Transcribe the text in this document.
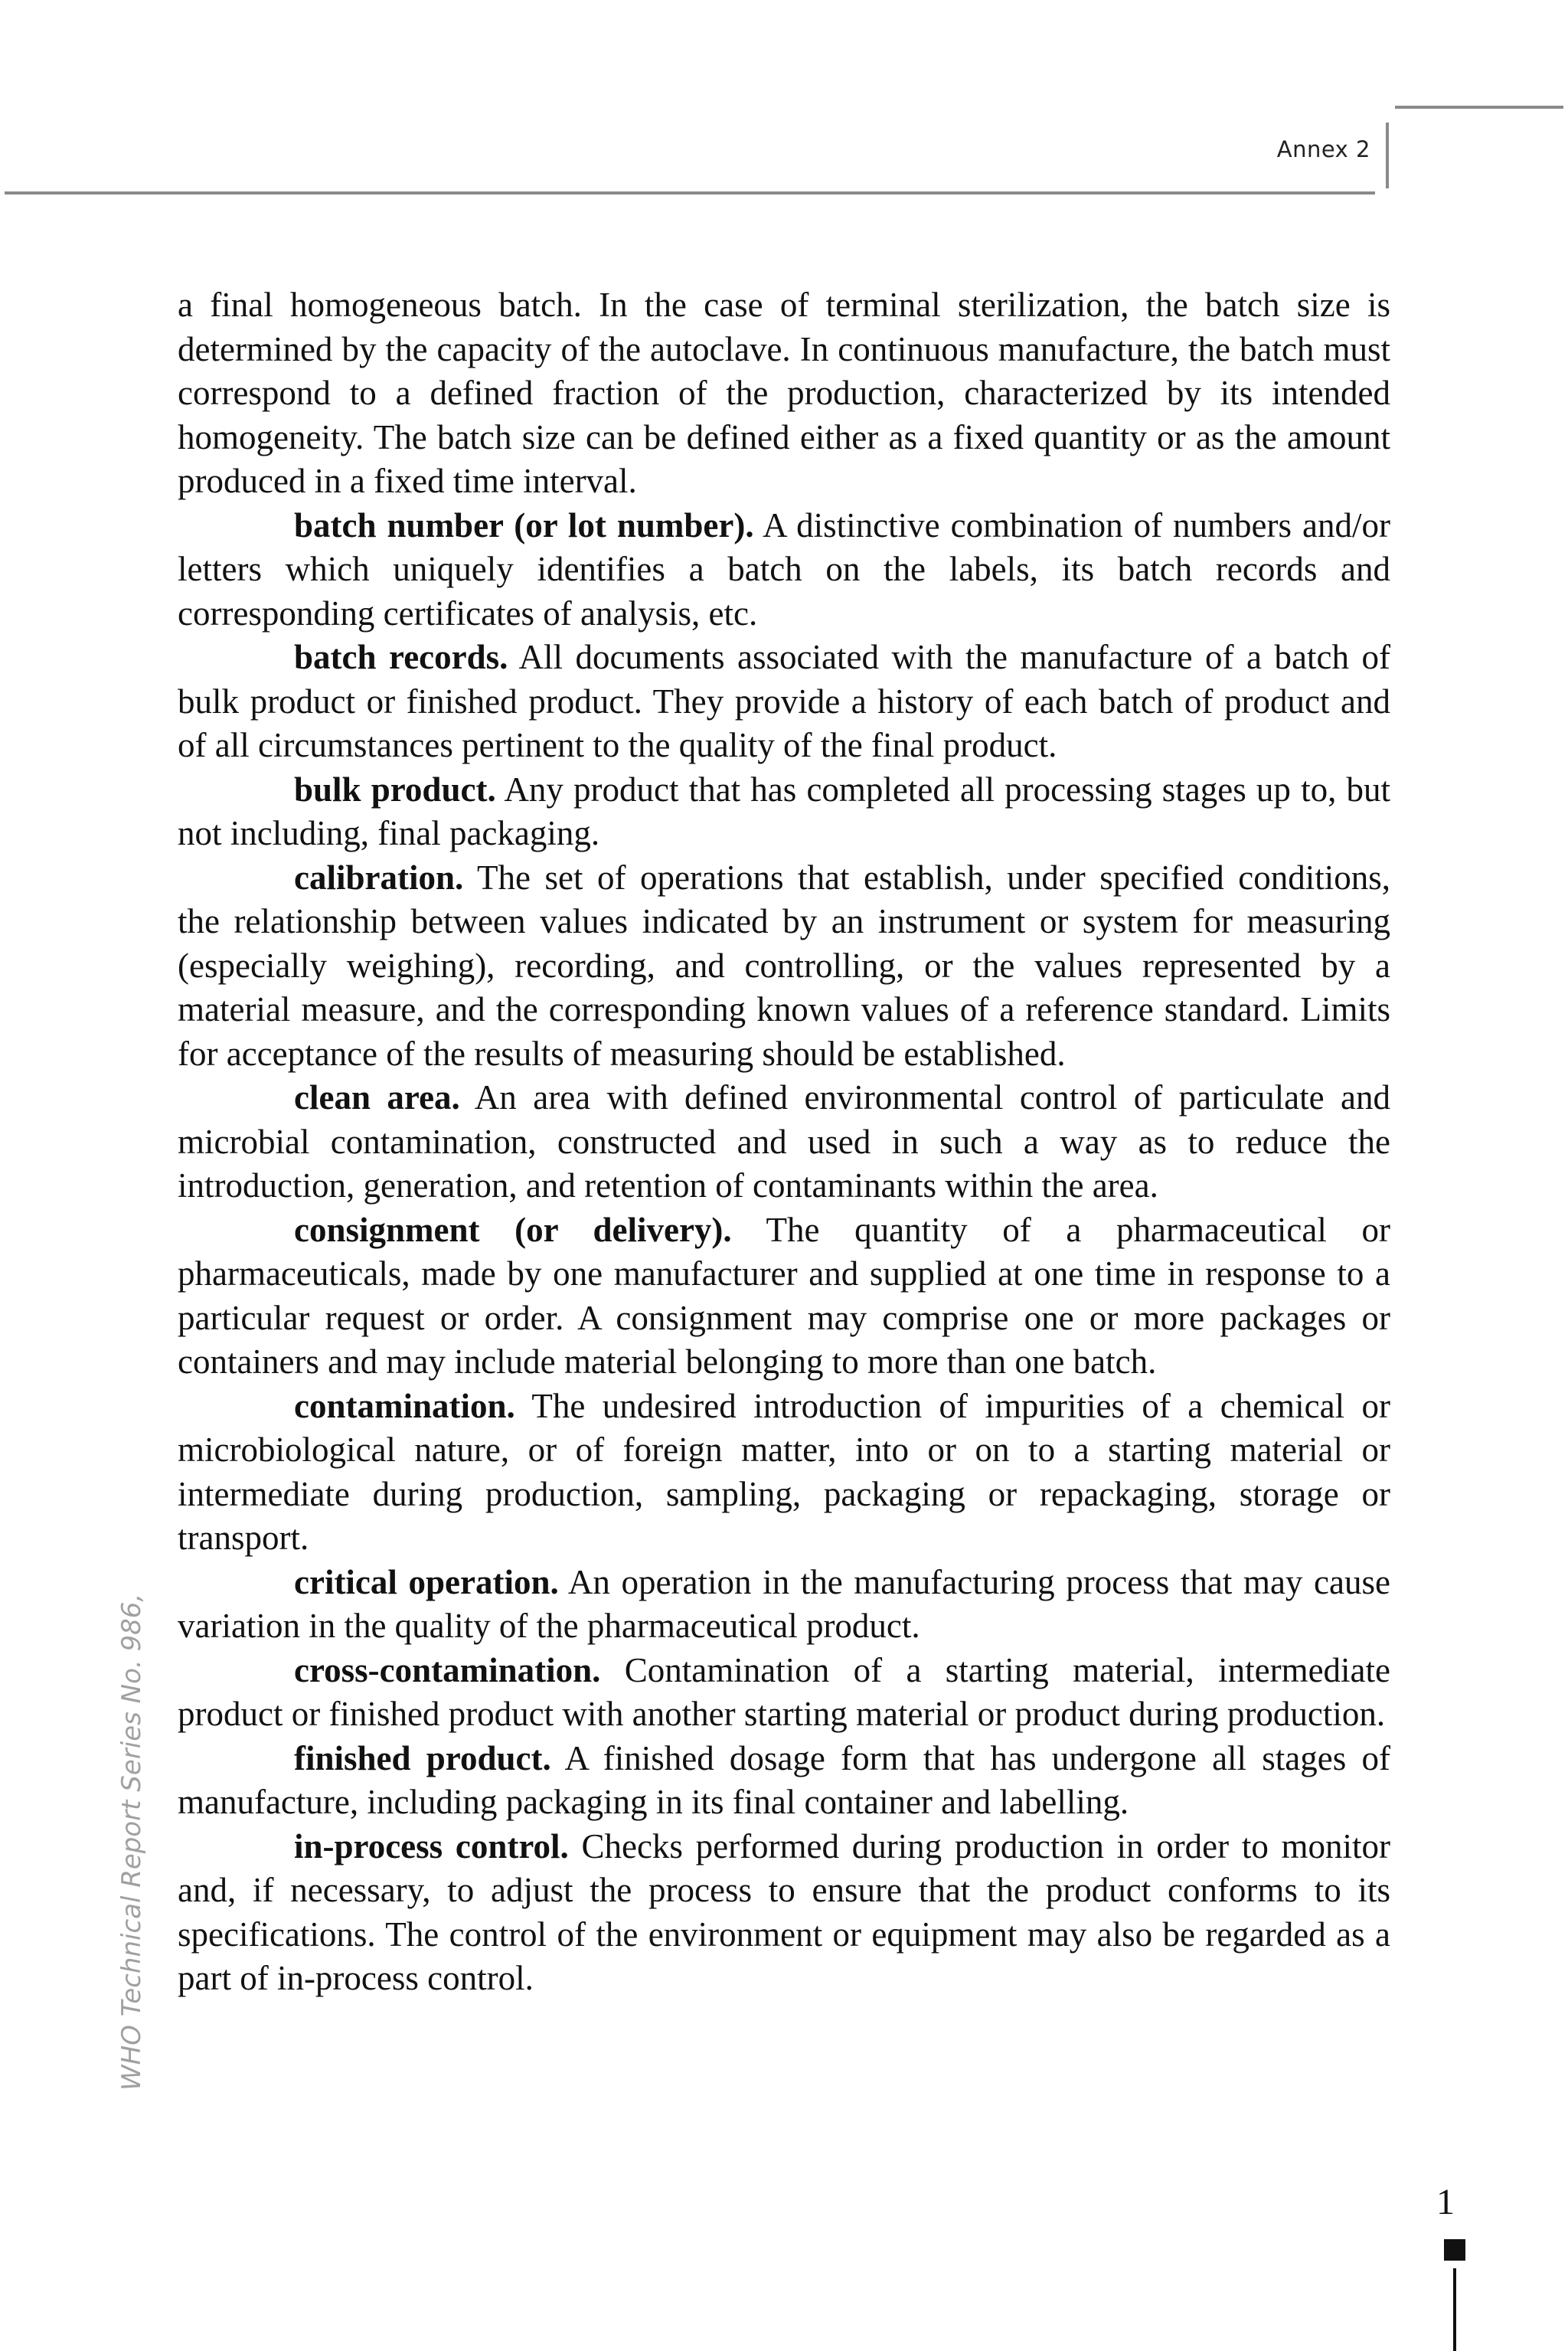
Annex 2

a final homogeneous batch. In the case of terminal sterilization, the batch size is determined by the capacity of the autoclave. In continuous manufacture, the batch must correspond to a defined fraction of the production, characterized by its intended homogeneity. The batch size can be defined either as a fixed quantity or as the amount produced in a fixed time interval.

batch number (or lot number). A distinctive combination of numbers and/or letters which uniquely identifies a batch on the labels, its batch records and corresponding certificates of analysis, etc.

batch records. All documents associated with the manufacture of a batch of bulk product or finished product. They provide a history of each batch of product and of all circumstances pertinent to the quality of the final product.

bulk product. Any product that has completed all processing stages up to, but not including, final packaging.

calibration. The set of operations that establish, under specified conditions, the relationship between values indicated by an instrument or system for measuring (especially weighing), recording, and controlling, or the values represented by a material measure, and the corresponding known values of a reference standard. Limits for acceptance of the results of measuring should be established.

clean area. An area with defined environmental control of particulate and microbial contamination, constructed and used in such a way as to reduce the introduction, generation, and retention of contaminants within the area.

consignment (or delivery). The quantity of a pharmaceutical or pharmaceuticals, made by one manufacturer and supplied at one time in response to a particular request or order. A consignment may comprise one or more packages or containers and may include material belonging to more than one batch.

contamination. The undesired introduction of impurities of a chemical or microbiological nature, or of foreign matter, into or on to a starting material or intermediate during production, sampling, packaging or repackaging, storage or transport.

critical operation. An operation in the manufacturing process that may cause variation in the quality of the pharmaceutical product.

cross-contamination. Contamination of a starting material, intermediate product or finished product with another starting material or product during production.

finished product. A finished dosage form that has undergone all stages of manufacture, including packaging in its final container and labelling.

in-process control. Checks performed during production in order to monitor and, if necessary, to adjust the process to ensure that the product conforms to its specifications. The control of the environment or equipment may also be regarded as a part of in-process control.

WHO Technical Report Series No. 986,
1
